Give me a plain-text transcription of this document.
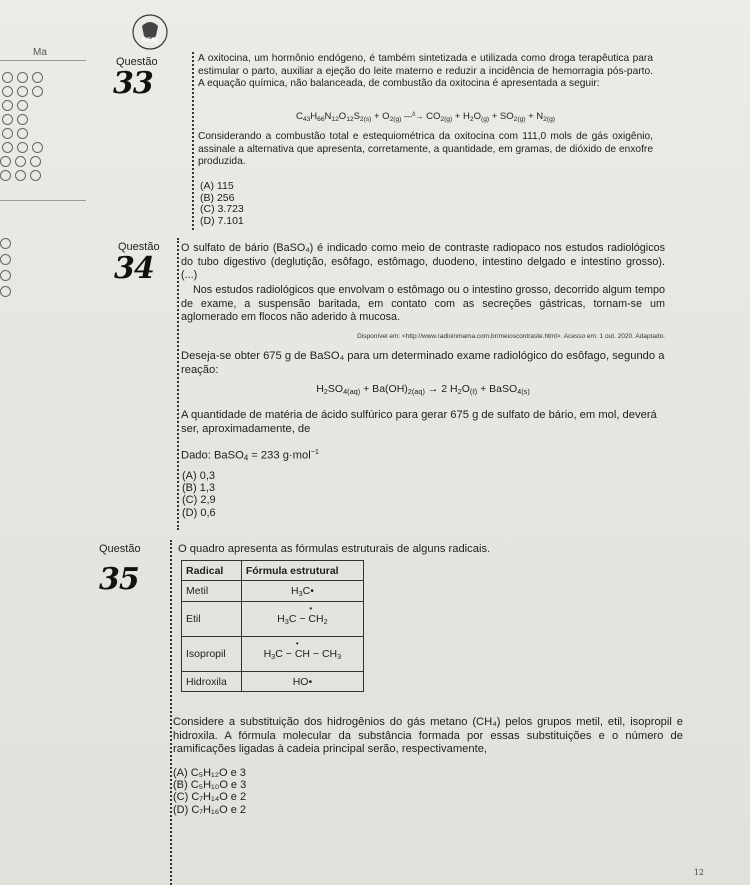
UERJ
Ma
Questão
33
A oxitocina, um hormônio endógeno, é também sintetizada e utilizada como droga terapêutica para estimular o parto, auxiliar a ejeção do leite materno e reduzir a incidência de hemorragia pós-parto. A equação química, não balanceada, de combustão da oxitocina é apresentada a seguir:
$C_{43}H_{66}N_{12}O_{12}S_{2(s)} + O_{2(g)}$ ―$^\Delta$→ $CO_{2(g)} + H_2O_{(g)} + SO_{2(g)} + N_{2(g)}$
Considerando a combustão total e estequiométrica da oxitocina com 111,0 mols de gás oxigênio, assinale a alternativa que apresenta, corretamente, a quantidade, em gramas, de dióxido de enxofre produzida.
(A) 115
(B) 256
(C) 3.723
(D) 7.101
Questão
34
O sulfato de bário (BaSO₄) é indicado como meio de contraste radiopaco nos estudos radiológicos do tubo digestivo (deglutição, esôfago, estômago, duodeno, intestino delgado e intestino grosso). (...)
Nos estudos radiológicos que envolvam o estômago ou o intestino grosso, decorrido algum tempo de exame, a suspensão baritada, em contato com as secreções gástricas, tornam-se um aglomerado em flocos não aderido à mucosa.
Disponível em: <http://www.radioinmama.com.br/meioscontraste.html>. Acesso em: 1 out. 2020. Adaptado.
Deseja-se obter 675 g de BaSO₄ para um determinado exame radiológico do esôfago, segundo a reação:
$H_2SO_{4(aq)} + Ba(OH)_{2(aq)} \to 2$ $H_2O_{(\ell)}$ + BaSO$_{4(s)}$
A quantidade de matéria de ácido sulfúrico para gerar 675 g de sulfato de bário, em mol, deverá ser, aproximadamente, de
Dado: BaSO$_4$ = 233 g·mol$^{-1}$
(A) 0,3
(B) 1,3
(C) 2,9
(D) 0,6
Questão
35
O quadro apresenta as fórmulas estruturais de alguns radicais.
Radical	Fórmula estrutural
Metil	$H_3C•$
Etil	$H_3C - C$ $•H_2$
Isopropil	$H_3C - C$ •H − $CH_3$
Hidroxila	HO•
Considere a substituição dos hidrogênios do gás metano (CH₄) pelos grupos metil, etil, isopropil e hidroxila. A fórmula molecular da substância formada por essas substituições e o número de ramificações ligadas à cadeia principal serão, respectivamente,
(A) C₅H₁₂O e 3
(B) C₅H₁₀O e 3
(C) C₇H₁₄O e 2
(D) C₇H₁₆O e 2
12
